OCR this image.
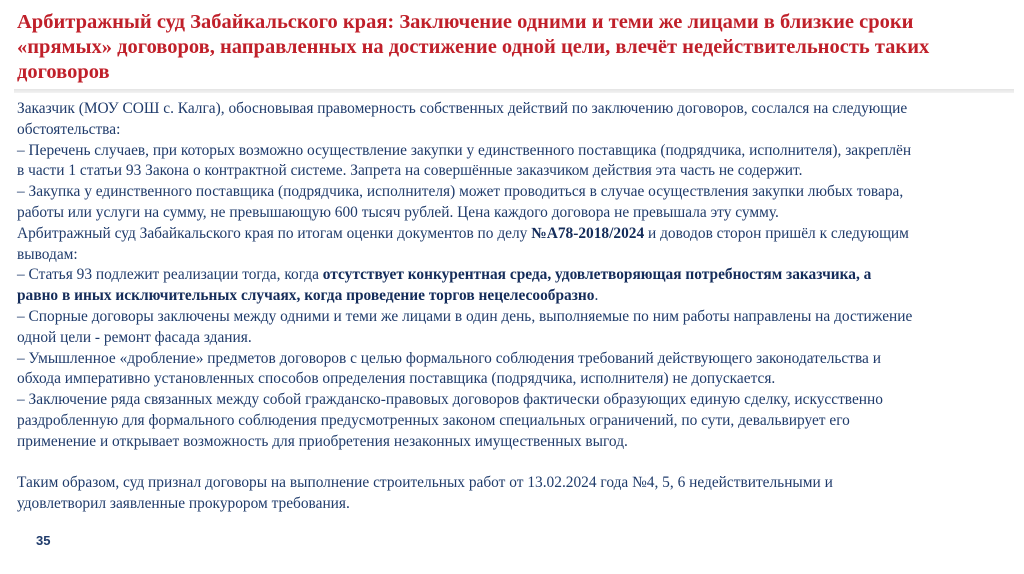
Арбитражный суд Забайкальского края: Заключение одними и теми же лицами в близкие сроки «прямых» договоров, направленных на достижение одной цели, влечёт недействительность таких договоров
Заказчик (МОУ СОШ с. Калга), обосновывая правомерность собственных действий по заключению договоров, сослался на следующие
обстоятельства:
– Перечень случаев, при которых возможно осуществление закупки у единственного поставщика (подрядчика, исполнителя), закреплён
в части 1 статьи 93 Закона о контрактной системе. Запрета на совершённые заказчиком действия эта часть не содержит.
– Закупка у единственного поставщика (подрядчика, исполнителя) может проводиться в случае осуществления закупки любых товара,
работы или услуги на сумму, не превышающую 600 тысяч рублей. Цена каждого договора не превышала эту сумму.
Арбитражный суд Забайкальского края по итогам оценки документов по делу №А78-2018/2024 и доводов сторон пришёл к следующим
выводам:
– Статья 93 подлежит реализации тогда, когда отсутствует конкурентная среда, удовлетворяющая потребностям заказчика, а
равно в иных исключительных случаях, когда проведение торгов нецелесообразно.
– Спорные договоры заключены между одними и теми же лицами в один день, выполняемые по ним работы направлены на достижение
одной цели - ремонт фасада здания.
– Умышленное «дробление» предметов договоров с целью формального соблюдения требований действующего законодательства и
обхода императивно установленных способов определения поставщика (подрядчика, исполнителя) не допускается.
– Заключение ряда связанных между собой гражданско-правовых договоров фактически образующих единую сделку, искусственно
раздробленную для формального соблюдения предусмотренных законом специальных ограничений, по сути, девальвирует его
применение и открывает возможность для приобретения незаконных имущественных выгод.
Таким образом, суд признал договоры на выполнение строительных работ от 13.02.2024 года №4, 5, 6 недействительными и
удовлетворил заявленные прокурором требования.
35
